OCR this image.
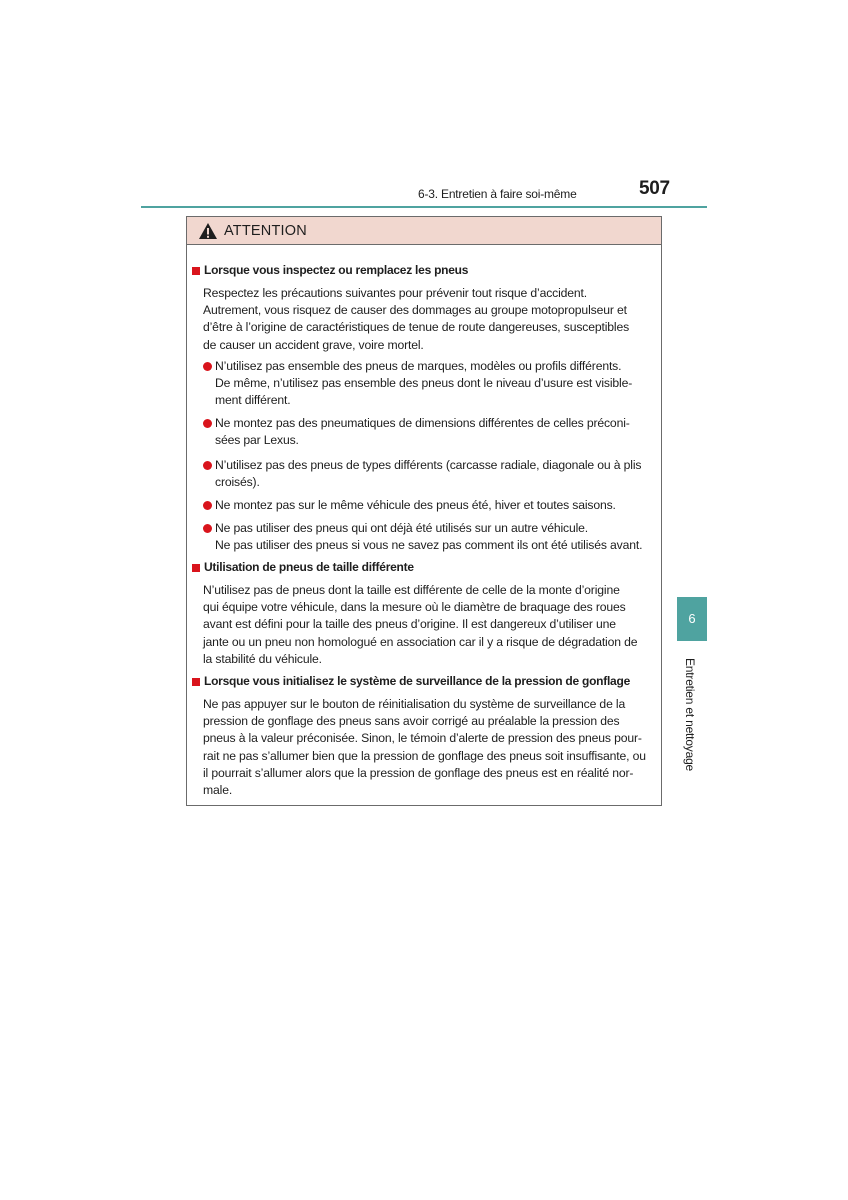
6-3. Entretien à faire soi-même	507
6
Entretien et nettoyage
ATTENTION
Lorsque vous inspectez ou remplacez les pneus
Respectez les précautions suivantes pour prévenir tout risque d’accident.
Autrement, vous risquez de causer des dommages au groupe motopropulseur et
d’être à l’origine de caractéristiques de tenue de route dangereuses, susceptibles
de causer un accident grave, voire mortel.
N’utilisez pas ensemble des pneus de marques, modèles ou profils différents.
De même, n’utilisez pas ensemble des pneus dont le niveau d’usure est visible-
ment différent.
Ne montez pas des pneumatiques de dimensions différentes de celles préconi-
sées par Lexus.
N’utilisez pas des pneus de types différents (carcasse radiale, diagonale ou à plis
croisés).
Ne montez pas sur le même véhicule des pneus été, hiver et toutes saisons.
Ne pas utiliser des pneus qui ont déjà été utilisés sur un autre véhicule.
Ne pas utiliser des pneus si vous ne savez pas comment ils ont été utilisés avant.
Utilisation de pneus de taille différente
N’utilisez pas de pneus dont la taille est différente de celle de la monte d’origine
qui équipe votre véhicule, dans la mesure où le diamètre de braquage des roues
avant est défini pour la taille des pneus d’origine. Il est dangereux d’utiliser une
jante ou un pneu non homologué en association car il y a risque de dégradation de
la stabilité du véhicule.
Lorsque vous initialisez le système de surveillance de la pression de gonflage
Ne pas appuyer sur le bouton de réinitialisation du système de surveillance de la
pression de gonflage des pneus sans avoir corrigé au préalable la pression des
pneus à la valeur préconisée. Sinon, le témoin d’alerte de pression des pneus pour-
rait ne pas s’allumer bien que la pression de gonflage des pneus soit insuffisante, ou
il pourrait s’allumer alors que la pression de gonflage des pneus est en réalité nor-
male.
